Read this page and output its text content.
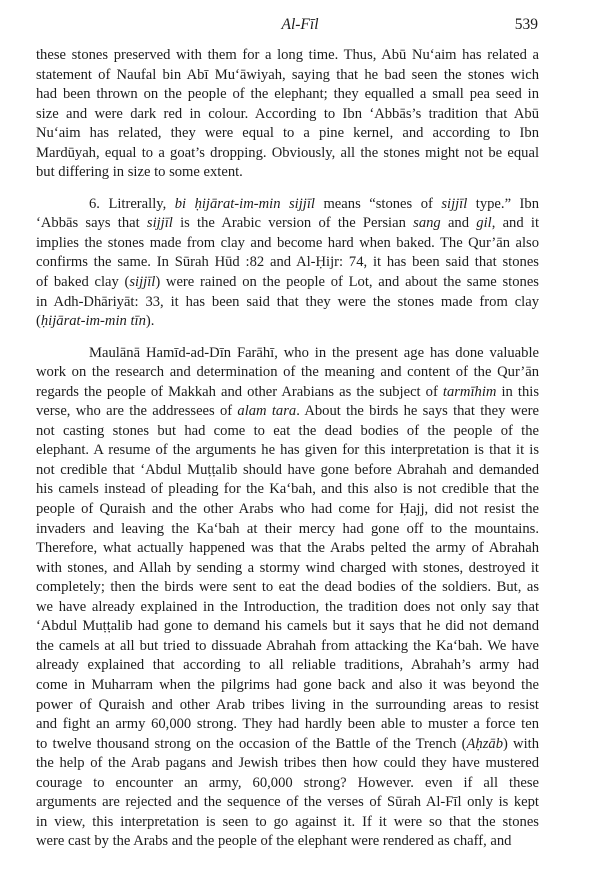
Al-Fīl	539
these stones preserved with them for a long time. Thus, Abū Nu‘aim has related a
statement of Naufal bin Abī Mu‘āwiyah, saying that he bad seen the stones wich
had been thrown on the people of the elephant; they equalled a small pea seed in
size and were dark red in colour. According to Ibn ‘Abbās’s tradition that Abū
Nu‘aim has related, they were equal to a pine kernel, and according to Ibn
Mardūyah, equal to a goat’s dropping. Obviously, all the stones might not be equal
but differing in size to some extent.
6. Litrerally, bi ḥijārat-im-min sijjīl means “stones of sijjīl type.” Ibn
‘Abbās says that sijjīl is the Arabic version of the Persian sang and gil, and it
implies the stones made from clay and become hard when baked. The Qur’ān also
confirms the same. In Sūrah Hūd :82 and Al-Ḥijr: 74, it has been said that stones
of baked clay (sijjīl) were rained on the people of Lot, and about the same stones
in Adh-Dhāriyāt: 33, it has been said that they were the stones made from clay
(ḥijārat-im-min tīn).
Maulānā Hamīd-ad-Dīn Farāhī, who in the present age has done valuable
work on the research and determination of the meaning and content of the Qur’ān
regards the people of Makkah and other Arabians as the subject of tarmīhim in this
verse, who are the addressees of alam tara. About the birds he says that they were
not casting stones but had come to eat the dead bodies of the people of the
elephant. A resume of the arguments he has given for this interpretation is that it is
not credible that ‘Abdul Muṭṭalib should have gone before Abrahah and demanded
his camels instead of pleading for the Ka‘bah, and this also is not credible that the
people of Quraish and the other Arabs who had come for Ḥajj, did not resist the
invaders and leaving the Ka‘bah at their mercy had gone off to the mountains.
Therefore, what actually happened was that the Arabs pelted the army of Abrahah
with stones, and Allah by sending a stormy wind charged with stones, destroyed it
completely; then the birds were sent to eat the dead bodies of the soldiers. But, as
we have already explained in the Introduction, the tradition does not only say that
‘Abdul Muṭṭalib had gone to demand his camels but it says that he did not demand
the camels at all but tried to dissuade Abrahah from attacking the Ka‘bah. We have
already explained that according to all reliable traditions, Abrahah’s army had
come in Muharram when the pilgrims had gone back and also it was beyond the
power of Quraish and other Arab tribes living in the surrounding areas to resist
and fight an army 60,000 strong. They had hardly been able to muster a force ten
to twelve thousand strong on the occasion of the Battle of the Trench (Aḥzāb) with
the help of the Arab pagans and Jewish tribes then how could they have mustered
courage to encounter an army, 60,000 strong? However. even if all these
arguments are rejected and the sequence of the verses of Sūrah Al-Fīl only is kept
in view, this interpretation is seen to go against it. If it were so that the stones
were cast by the Arabs and the people of the elephant were rendered as chaff, and
